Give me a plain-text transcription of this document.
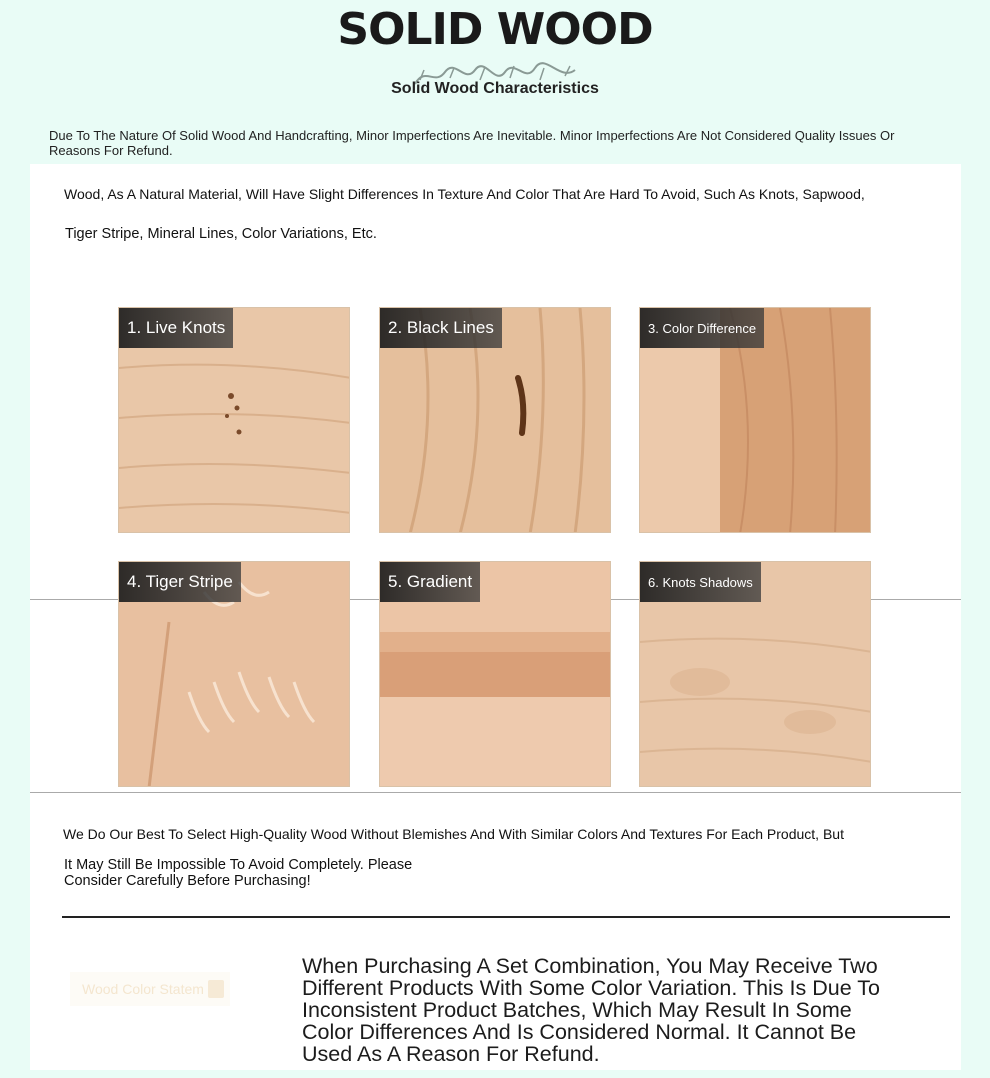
SOLID WOOD
Solid Wood Characteristics
Due To The Nature Of Solid Wood And Handcrafting, Minor Imperfections Are Inevitable. Minor Imperfections Are Not Considered Quality Issues Or Reasons For Refund.
Wood, As A Natural Material, Will Have Slight Differences In Texture And Color That Are Hard To Avoid, Such As Knots, Sapwood,
Tiger Stripe, Mineral Lines, Color Variations, Etc.
1. Live Knots	2. Black Lines	3. Color Difference
4. Tiger Stripe	5. Gradient	6. Knots Shadows
We Do Our Best To Select High-Quality Wood Without Blemishes And With Similar Colors And Textures For Each Product, But
It May Still Be Impossible To Avoid Completely. Please Consider Carefully Before Purchasing!
Wood Color Statem
When Purchasing A Set Combination, You May Receive Two Different Products With Some Color Variation. This Is Due To Inconsistent Product Batches, Which May Result In Some Color Differences And Is Considered Normal. It Cannot Be Used As A Reason For Refund.
